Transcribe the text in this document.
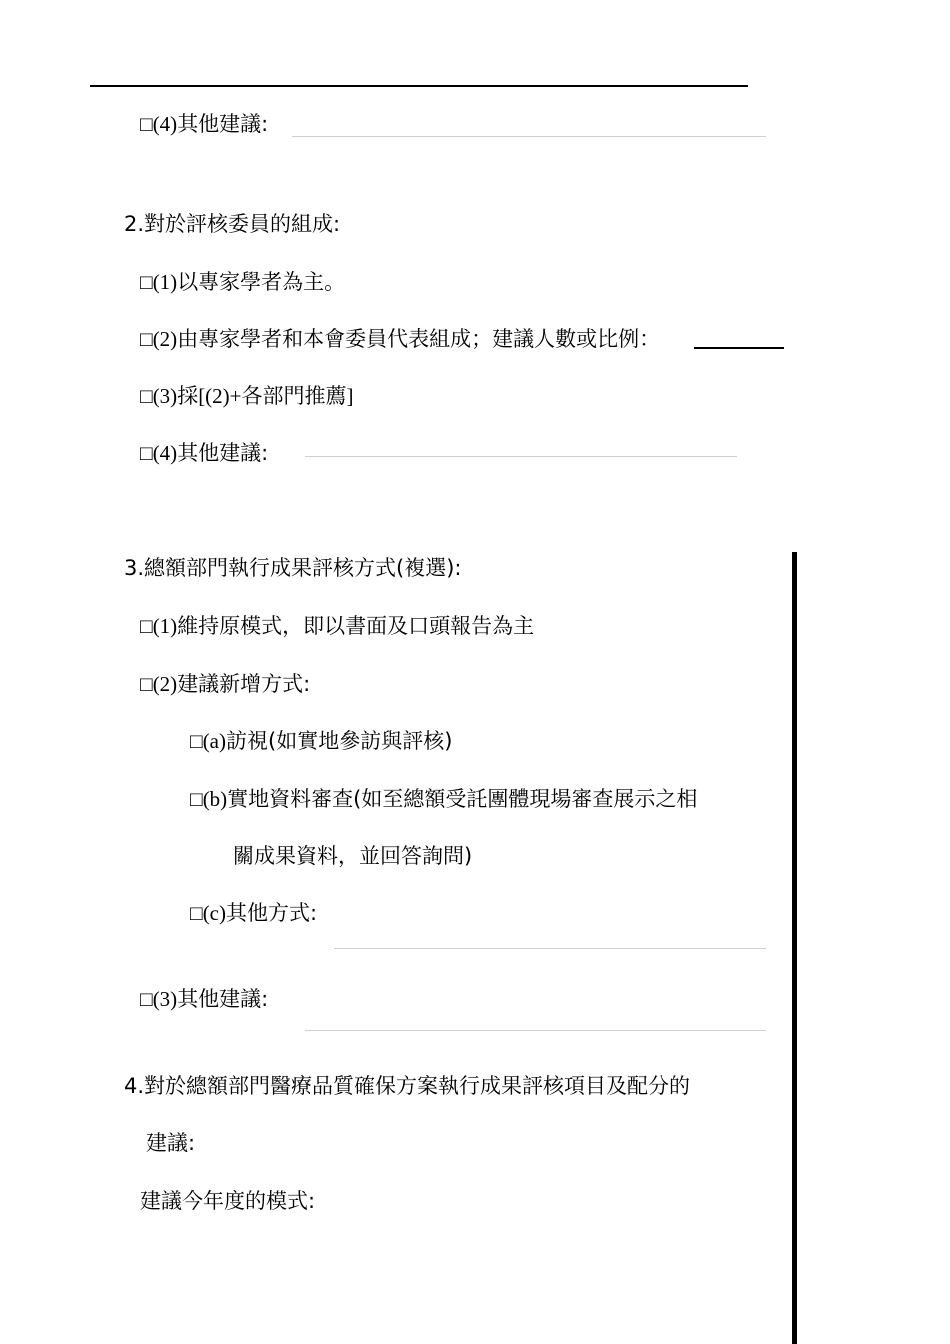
□(4)其他建議:
2.對於評核委員的組成:
□(1)以專家學者為主。
□(2)由專家學者和本會委員代表組成；建議人數或比例：
□(3)採[(2)+各部門推薦]
□(4)其他建議:
3.總額部門執行成果評核方式(複選):
□(1)維持原模式，即以書面及口頭報告為主
□(2)建議新增方式:
□(a)訪視(如實地參訪與評核)
□(b)實地資料審查(如至總額受託團體現場審查展示之相
關成果資料，並回答詢問)
□(c)其他方式:
□(3)其他建議:
4.對於總額部門醫療品質確保方案執行成果評核項目及配分的
建議:
建議今年度的模式:
